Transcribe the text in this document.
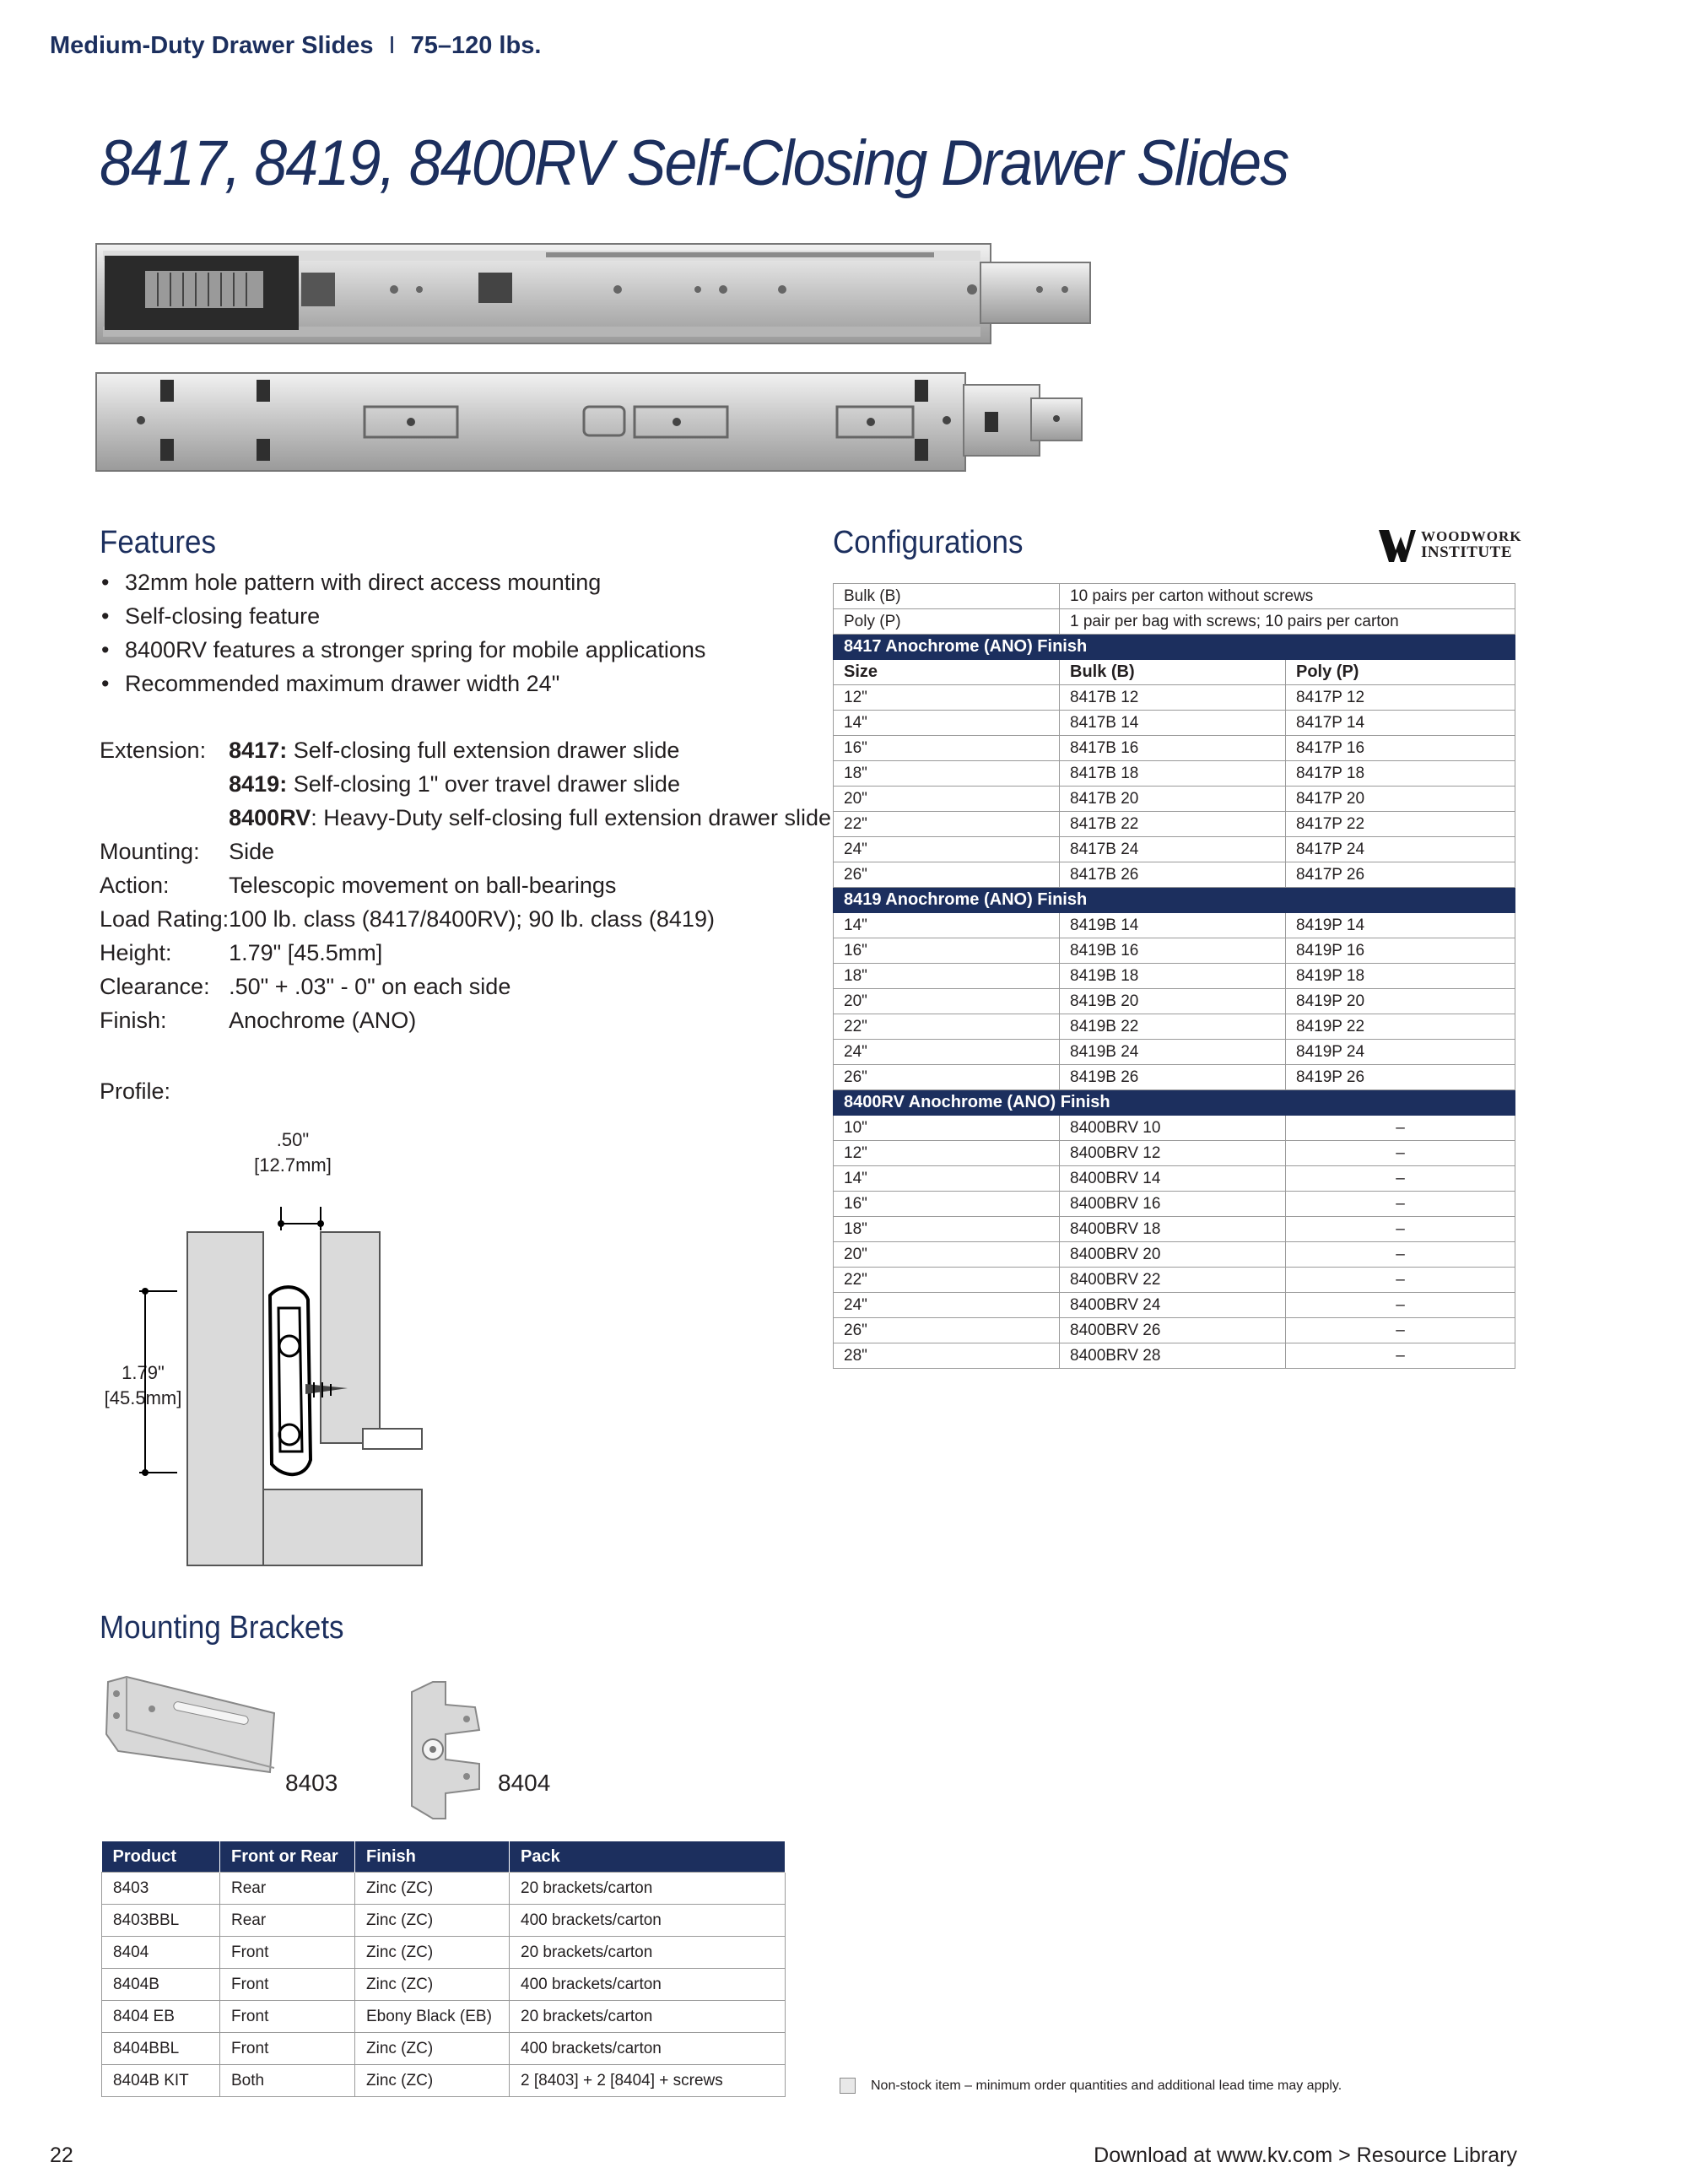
Medium-Duty Drawer Slides I 75–120 lbs.
8417, 8419, 8400RV Self-Closing Drawer Slides
Features
• 32mm hole pattern with direct access mounting
• Self-closing feature
• 8400RV features a stronger spring for mobile applications
• Recommended maximum drawer width 24"
Extension:	8417: Self-closing full extension drawer slide
	8419: Self-closing 1" over travel drawer slide
	8400RV: Heavy-Duty self-closing full extension drawer slide
Mounting:	Side
Action:	Telescopic movement on ball-bearings
Load Rating:	100 lb. class (8417/8400RV); 90 lb. class (8419)
Height:	1.79" [45.5mm]
Clearance:	.50" + .03" - 0" on each side
Finish:	Anochrome (ANO)
Profile:
.50"
[12.7mm]
1.79"
[45.5mm]
Configurations	WOODWORK
INSTITUTE
Bulk (B)	10 pairs per carton without screws	
Poly (P)	1 pair per bag with screws; 10 pairs per carton	
8417 Anochrome (ANO) Finish		
Size	Bulk (B)	Poly (P)
12"	8417B 12	8417P 12
14"	8417B 14	8417P 14
16"	8417B 16	8417P 16
18"	8417B 18	8417P 18
20"	8417B 20	8417P 20
22"	8417B 22	8417P 22
24"	8417B 24	8417P 24
26"	8417B 26	8417P 26
8419 Anochrome (ANO) Finish		
14"	8419B 14	8419P 14
16"	8419B 16	8419P 16
18"	8419B 18	8419P 18
20"	8419B 20	8419P 20
22"	8419B 22	8419P 22
24"	8419B 24	8419P 24
26"	8419B 26	8419P 26
8400RV Anochrome (ANO) Finish		
10"	8400BRV 10	–
12"	8400BRV 12	–
14"	8400BRV 14	–
16"	8400BRV 16	–
18"	8400BRV 18	–
20"	8400BRV 20	–
22"	8400BRV 22	–
24"	8400BRV 24	–
26"	8400BRV 26	–
28"	8400BRV 28	–
Mounting Brackets
8403	8404
Product	Front or Rear	Finish	Pack
8403	Rear	Zinc (ZC)	20 brackets/carton
8403BBL	Rear	Zinc (ZC)	400 brackets/carton
8404	Front	Zinc (ZC)	20 brackets/carton
8404B	Front	Zinc (ZC)	400 brackets/carton
8404 EB	Front	Ebony Black (EB)	20 brackets/carton
8404BBL	Front	Zinc (ZC)	400 brackets/carton
8404B KIT	Both	Zinc (ZC)	2 [8403] + 2 [8404] + screws	Non-stock item – minimum order quantities and additional lead time may apply.
22	Download at www.kv.com > Resource Library
